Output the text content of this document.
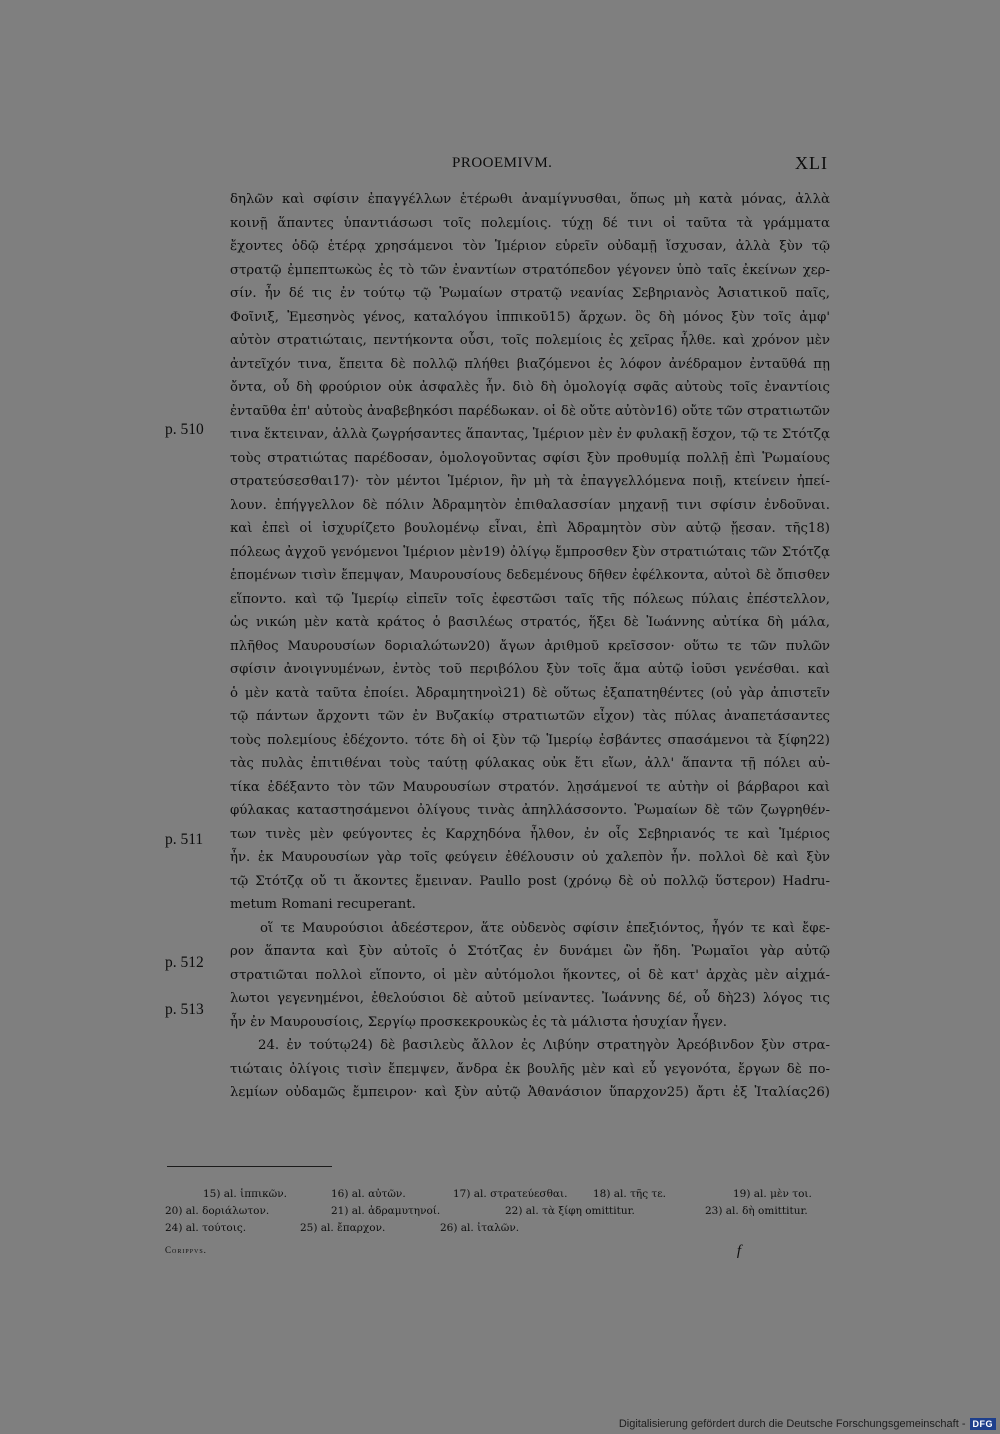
PROOEMIVM.	XLI
p. 510
p. 511
p. 512
p. 513
δηλῶν καὶ σφίσιν ἐπαγγέλλων ἑτέρωθι ἀναμίγνυσθαι, ὅπως μὴ κατὰ μόνας, ἀλλὰ
κοινῇ ἅπαντες ὑπαντιάσωσι τοῖς πολεμίοις. τύχῃ δέ τινι οἱ ταῦτα τὰ γράμματα
ἔχοντες ὁδῷ ἑτέρᾳ χρησάμενοι τὸν Ἱμέριον εὑρεῖν οὐδαμῇ ἴσχυσαν, ἀλλὰ ξὺν τῷ
στρατῷ ἐμπεπτωκὼς ἐς τὸ τῶν ἐναντίων στρατόπεδον γέγονεν ὑπὸ ταῖς ἐκείνων χερ-
σίν. ἦν δέ τις ἐν τούτῳ τῷ Ῥωμαίων στρατῷ νεανίας Σεβηριανὸς Ἀσιατικοῦ παῖς,
Φοῖνιξ, Ἐμεσηνὸς γένος, καταλόγου ἱππικοῦ15) ἄρχων. ὃς δὴ μόνος ξὺν τοῖς ἀμφ'
αὐτὸν στρατιώταις, πεντήκοντα οὖσι, τοῖς πολεμίοις ἐς χεῖρας ἦλθε. καὶ χρόνον μὲν
ἀντεῖχόν τινα, ἔπειτα δὲ πολλῷ πλήθει βιαζόμενοι ἐς λόφον ἀνέδραμον ἐνταῦθά πῃ
ὄντα, οὗ δὴ φρούριον οὐκ ἀσφαλὲς ἦν. διὸ δὴ ὁμολογίᾳ σφᾶς αὐτοὺς τοῖς ἐναντίοις
ἐνταῦθα ἐπ' αὐτοὺς ἀναβεβηκόσι παρέδωκαν. οἱ δὲ οὔτε αὐτὸν16) οὔτε τῶν στρατιωτῶν
τινα ἔκτειναν, ἀλλὰ ζωγρήσαντες ἅπαντας, Ἱμέριον μὲν ἐν φυλακῇ ἔσχον, τῷ τε Στότζᾳ
τοὺς στρατιώτας παρέδοσαν, ὁμολογοῦντας σφίσι ξὺν προθυμίᾳ πολλῇ ἐπὶ Ῥωμαίους
στρατεύσεσθαι17)· τὸν μέντοι Ἱμέριον, ἢν μὴ τὰ ἐπαγγελλόμενα ποιῇ, κτείνειν ἠπεί-
λουν. ἐπήγγελλον δὲ πόλιν Ἀδραμητὸν ἐπιθαλασσίαν μηχανῇ τινι σφίσιν ἐνδοῦναι.
καὶ ἐπεὶ οἱ ἰσχυρίζετο βουλομένῳ εἶναι, ἐπὶ Ἀδραμητὸν σὺν αὐτῷ ᾔεσαν. τῆς18)
πόλεως ἀγχοῦ γενόμενοι Ἱμέριον μὲν19) ὀλίγῳ ἔμπροσθεν ξὺν στρατιώταις τῶν Στότζᾳ
ἑπομένων τισὶν ἔπεμψαν, Μαυρουσίους δεδεμένους δῆθεν ἐφέλκοντα, αὐτοὶ δὲ ὄπισθεν
εἵποντο. καὶ τῷ Ἱμερίῳ εἰπεῖν τοῖς ἐφεστῶσι ταῖς τῆς πόλεως πύλαις ἐπέστελλον,
ὡς νικώη μὲν κατὰ κράτος ὁ βασιλέως στρατός, ἥξει δὲ Ἰωάννης αὐτίκα δὴ μάλα,
πλῆθος Μαυρουσίων δοριαλώτων20) ἄγων ἀριθμοῦ κρεῖσσον· οὕτω τε τῶν πυλῶν
σφίσιν ἀνοιγνυμένων, ἐντὸς τοῦ περιβόλου ξὺν τοῖς ἅμα αὐτῷ ἰοῦσι γενέσθαι. καὶ
ὁ μὲν κατὰ ταῦτα ἐποίει. Ἀδραμητηνοὶ21) δὲ οὕτως ἐξαπατηθέντες (οὐ γὰρ ἀπιστεῖν
τῷ πάντων ἄρχοντι τῶν ἐν Βυζακίῳ στρατιωτῶν εἶχον) τὰς πύλας ἀναπετάσαντες
τοὺς πολεμίους ἐδέχοντο. τότε δὴ οἱ ξὺν τῷ Ἱμερίῳ ἐσβάντες σπασάμενοι τὰ ξίφη22)
τὰς πυλὰς ἐπιτιθέναι τοὺς ταύτῃ φύλακας οὐκ ἔτι εἴων, ἀλλ' ἅπαντα τῇ πόλει αὐ-
τίκα ἐδέξαντο τὸν τῶν Μαυρουσίων στρατόν. λῃσάμενοί τε αὐτὴν οἱ βάρβαροι καὶ
φύλακας καταστησάμενοι ὀλίγους τινὰς ἀπηλλάσσοντο. Ῥωμαίων δὲ τῶν ζωγρηθέν-
των τινὲς μὲν φεύγοντες ἐς Καρχηδόνα ἦλθον, ἐν οἷς Σεβηριανός τε καὶ Ἱμέριος
ἦν. ἐκ Μαυρουσίων γὰρ τοῖς φεύγειν ἐθέλουσιν οὐ χαλεπὸν ἦν. πολλοὶ δὲ καὶ ξὺν
τῷ Στότζᾳ οὔ τι ἄκοντες ἔμειναν. Paullo post (χρόνῳ δὲ οὐ πολλῷ ὕστερον) Hadru-
metum Romani recuperant.
οἵ τε Μαυρούσιοι ἀδεέστερον, ἅτε οὐδενὸς σφίσιν ἐπεξιόντος, ἦγόν τε καὶ ἔφε-
ρον ἅπαντα καὶ ξὺν αὐτοῖς ὁ Στότζας ἐν δυνάμει ὢν ἤδη. Ῥωμαῖοι γὰρ αὐτῷ
στρατιῶται πολλοὶ εἵποντο, οἱ μὲν αὐτόμολοι ἥκοντες, οἱ δὲ κατ' ἀρχὰς μὲν αἰχμά-
λωτοι γεγενημένοι, ἐθελούσιοι δὲ αὐτοῦ μείναντες. Ἰωάννης δέ, οὗ δὴ23) λόγος τις
ἦν ἐν Μαυρουσίοις, Σεργίῳ προσκεκρουκὼς ἐς τὰ μάλιστα ἡσυχίαν ἦγεν.
24. ἐν τούτῳ24) δὲ βασιλεὺς ἄλλον ἐς Λιβύην στρατηγὸν Ἀρεόβινδον ξὺν στρα-
τιώταις ὀλίγοις τισὶν ἔπεμψεν, ἄνδρα ἐκ βουλῆς μὲν καὶ εὖ γεγονότα, ἔργων δὲ πο-
λεμίων οὐδαμῶς ἔμπειρον· καὶ ξὺν αὐτῷ Ἀθανάσιον ὕπαρχον25) ἄρτι ἐξ Ἰταλίας26)
15) al. ἱππικῶν.	16) al. αὐτῶν.	17) al. στρατεύεσθαι. 18) al. τῆς τε.	19) al. μὲν τοι.
20) al. δοριάλωτον.	21) al. ἀδραμυτηνοί.	22) al. τὰ ξίφη omittitur.	23) al. δὴ omittitur.
24) al. τούτοις.	25) al. ἔπαρχον.	26) al. ἰταλῶν.
Corippvs.	f
Digitalisierung gefördert durch die Deutsche Forschungsgemeinschaft - DFG
